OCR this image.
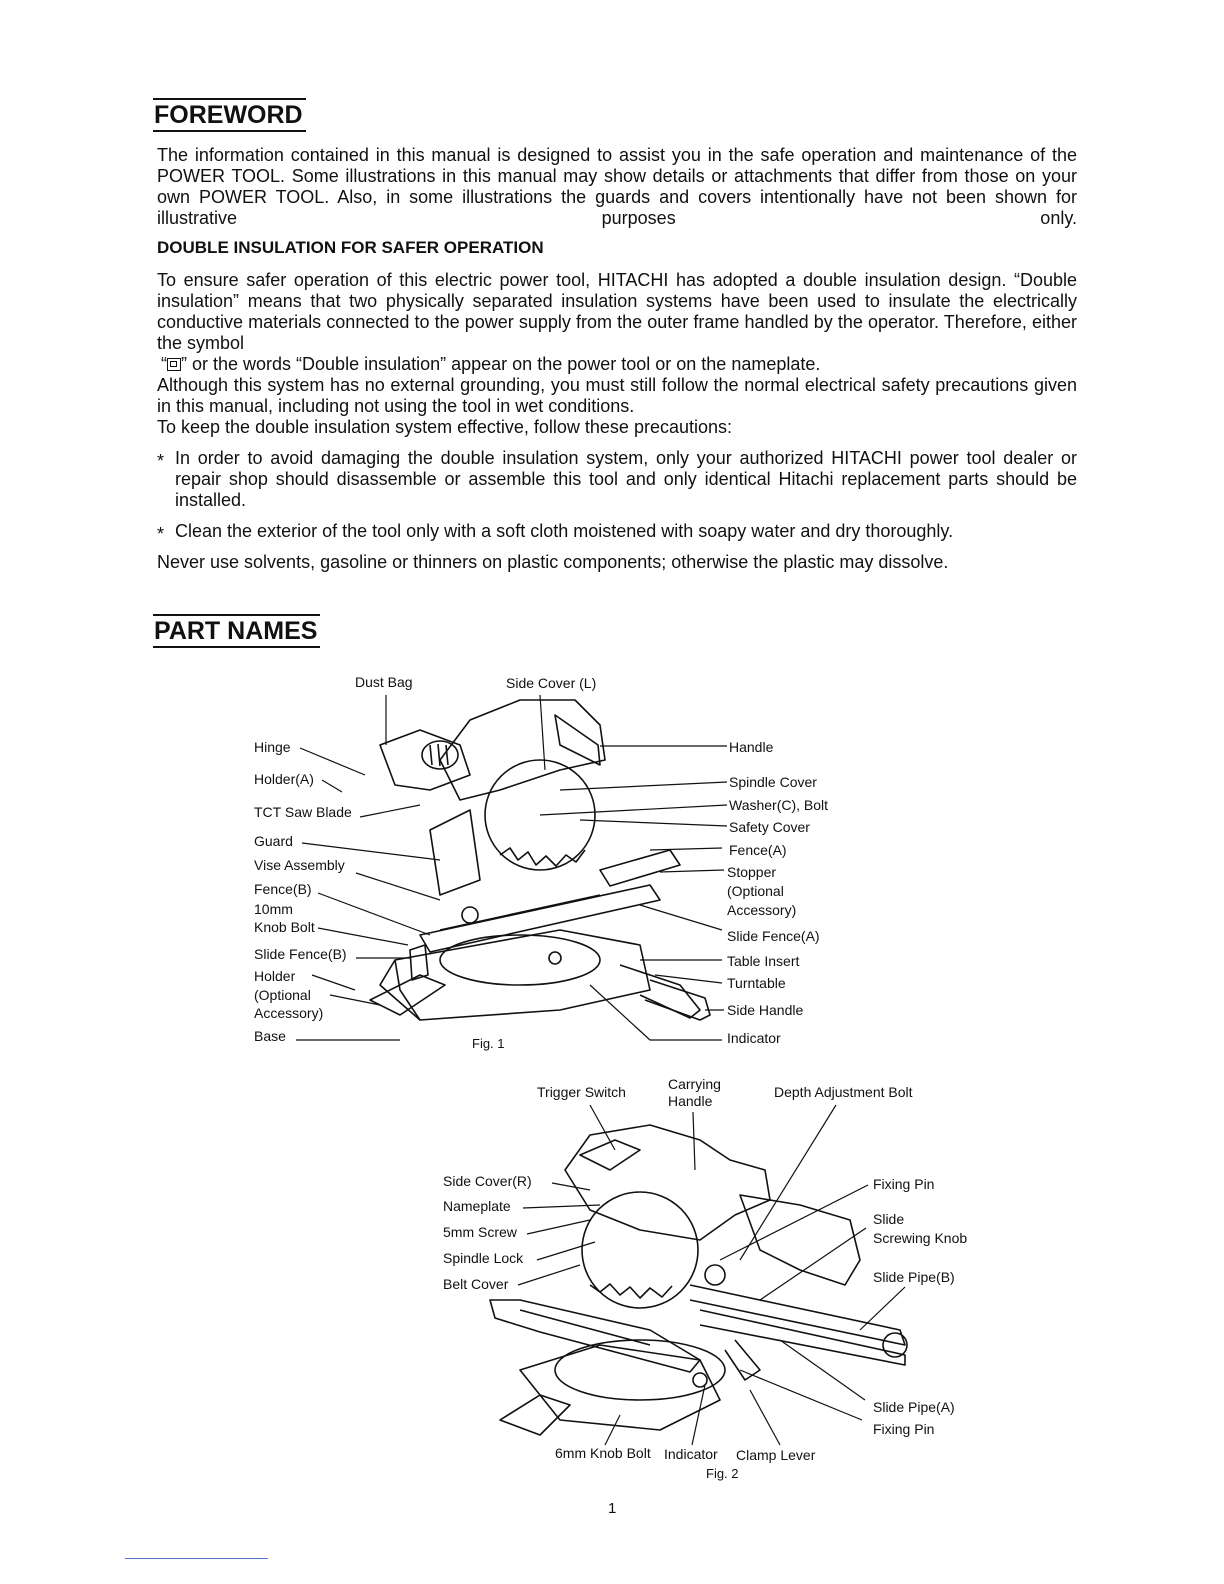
FOREWORD

The information contained in this manual is designed to assist you in the safe operation and maintenance of the POWER TOOL. Some illustrations in this manual may show details or attachments that differ from those on your own POWER TOOL. Also, in some illustrations the guards and covers intentionally have not been shown for illustrative purposes only.

DOUBLE INSULATION FOR SAFER OPERATION

To ensure safer operation of this electric power tool, HITACHI has adopted a double insulation design. “Double insulation” means that two physically separated insulation systems have been used to insulate the electrically conductive materials connected to the power supply from the outer frame handled by the operator. Therefore, either the symbol

“ ” or the words “Double insulation” appear on the power tool or on the nameplate.

Although this system has no external grounding, you must still follow the normal electrical safety precautions given in this manual, including not using the tool in wet conditions.

To keep the double insulation system effective, follow these precautions:

* In order to avoid damaging the double insulation system, only your authorized HITACHI power tool dealer or repair shop should disassemble or assemble this tool and only identical Hitachi replacement parts should be installed.
* Clean the exterior of the tool only with a soft cloth moistened with soapy water and dry thoroughly.

Never use solvents, gasoline or thinners on plastic components; otherwise the plastic may dissolve.

PART NAMES
Dust Bag	Side Cover (L)
Hinge
Holder(A)
TCT Saw Blade
Guard
Vise Assembly
Fence(B)
10mm
Knob Bolt
Slide Fence(B)
Holder
(Optional
Accessory)
Base
Handle
Spindle Cover
Washer(C), Bolt
Safety Cover
Fence(A)
Stopper
(Optional
Accessory)
Slide Fence(A)
Table Insert
Turntable
Side Handle
Indicator
Fig. 1
Trigger Switch	Carrying
Handle
Depth Adjustment Bolt
Side Cover(R)
Nameplate
5mm Screw
Spindle Lock
Belt Cover
Fixing Pin
Slide
Screwing Knob
Slide Pipe(B)
Slide Pipe(A)
Fixing Pin
6mm Knob Bolt Indicator Clamp Lever
Fig. 2
1
